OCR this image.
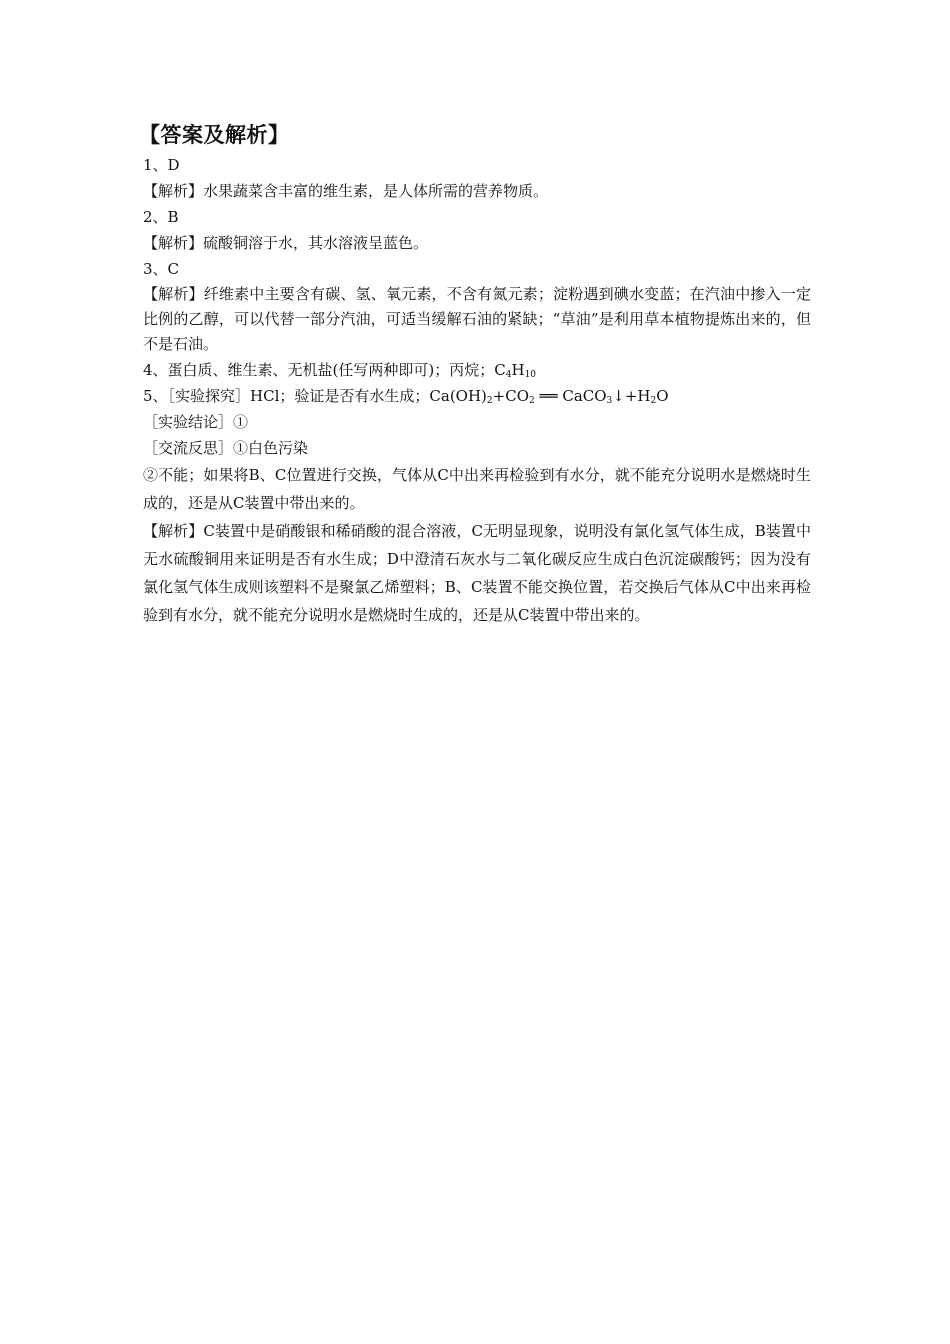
【答案及解析】
1、D
【解析】水果蔬菜含丰富的维生素，是人体所需的营养物质。
2、B
【解析】硫酸铜溶于水，其水溶液呈蓝色。
3、C
【解析】纤维素中主要含有碳、氢、氧元素，不含有氮元素；淀粉遇到碘水变蓝；在汽油中掺入一定比例的乙醇，可以代替一部分汽油，可适当缓解石油的紧缺；“草油”是利用草本植物提炼出来的，但不是石油。
4、蛋白质、维生素、无机盐(任写两种即可)；丙烷；$C_4H_{10}$
5、［实验探究］HCl；验证是否有水生成；$Ca(OH)_2+CO_2$ ══ $CaCO_3↓+H_2O$
［实验结论］①
［交流反思］①白色污染
②不能；如果将B、C位置进行交换，气体从C中出来再检验到有水分，就不能充分说明水是燃烧时生成的，还是从C装置中带出来的。
【解析】C装置中是硝酸银和稀硝酸的混合溶液，C无明显现象，说明没有氯化氢气体生成，B装置中无水硫酸铜用来证明是否有水生成；D中澄清石灰水与二氧化碳反应生成白色沉淀碳酸钙；因为没有氯化氢气体生成则该塑料不是聚氯乙烯塑料；B、C装置不能交换位置，若交换后气体从C中出来再检验到有水分，就不能充分说明水是燃烧时生成的，还是从C装置中带出来的。
